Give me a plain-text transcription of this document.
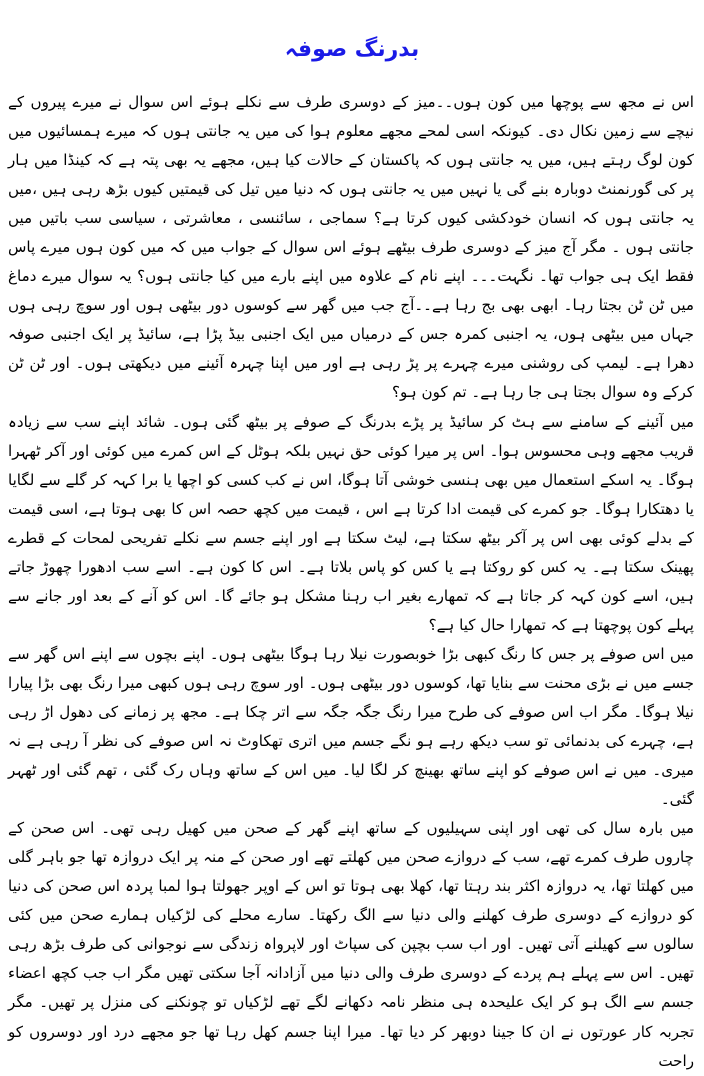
بدرنگ صوفہ

اس نے مجھ سے پوچھا میں کون ہوں۔۔میز کے دوسری طرف سے نکلے ہوئے اس سوال نے میرے پیروں کے نیچے سے زمین نکال دی۔ کیونکہ اسی لمحے مجھے معلوم ہوا کی میں یہ جانتی ہوں کہ میرے ہمسائیوں میں کون لوگ رہتے ہیں، میں یہ جانتی ہوں کہ پاکستان کے حالات کیا ہیں، مجھے یہ بھی پتہ ہے کہ کینڈا میں ہار پر کی گورنمنٹ دوبارہ بنے گی یا نہیں میں یہ جانتی ہوں کہ دنیا میں تیل کی قیمتیں کیوں بڑھ رہی ہیں ،میں یہ جانتی ہوں کہ انسان خودکشی کیوں کرتا ہے؟ سماجی ، سائنسی ، معاشرتی ، سیاسی سب باتیں میں جانتی ہوں ۔ مگر آج میز کے دوسری طرف بیٹھے ہوئے اس سوال کے جواب میں کہ میں کون ہوں میرے پاس فقط ایک ہی جواب تھا۔ نگہت۔۔۔ اپنے نام کے علاوہ میں اپنے بارے میں کیا جانتی ہوں؟ یہ سوال میرے دماغ میں ٹن ٹن بجتا رہا۔ ابھی بھی بج رہا ہے۔۔آج جب میں گھر سے کوسوں دور بیٹھی ہوں اور سوچ رہی ہوں جہاں میں بیٹھی ہوں، یہ اجنبی کمرہ جس کے درمیاں میں ایک اجنبی بیڈ پڑا ہے، سائیڈ پر ایک اجنبی صوفہ دھرا ہے۔ لیمپ کی روشنی میرے چہرے پر پڑ رہی ہے اور میں اپنا چہرہ آئینے میں دیکھتی ہوں۔ اور ٹن ٹن کرکے وہ سوال بجتا ہی جا رہا ہے۔ تم کون ہو؟

میں آئینے کے سامنے سے ہٹ کر سائیڈ پر پڑے بدرنگ کے صوفے پر بیٹھ گئی ہوں۔ شائد اپنے سب سے زیادہ قریب مجھے وہی محسوس ہوا۔ اس پر میرا کوئی حق نہیں بلکہ ہوٹل کے اس کمرے میں کوئی اور آکر ٹھہرا ہوگا۔ یہ اسکے استعمال میں بھی ہنسی خوشی آتا ہوگا، اس نے کب کسی کو اچھا یا برا کہہ کر گلے سے لگایا یا دھتکارا ہوگا۔ جو کمرے کی قیمت ادا کرتا ہے اس ، قیمت میں کچھ حصہ اس کا بھی ہوتا ہے، اسی قیمت کے بدلے کوئی بھی اس پر آکر بیٹھ سکتا ہے، لیٹ سکتا ہے اور اپنے جسم سے نکلے تفریحی لمحات کے قطرے پھینک سکتا ہے۔ یہ کس کو روکتا ہے یا کس کو پاس بلاتا ہے۔ اس کا کون ہے۔ اسے سب ادھورا چھوڑ جاتے ہیں، اسے کون کہہ کر جاتا ہے کہ تمھارے بغیر اب رہنا مشکل ہو جائے گا۔ اس کو آنے کے بعد اور جانے سے پہلے کون پوچھتا ہے کہ تمھارا حال کیا ہے؟

میں اس صوفے پر جس کا رنگ کبھی بڑا خوبصورت نیلا رہا ہوگا بیٹھی ہوں۔ اپنے بچوں سے اپنے اس گھر سے جسے میں نے بڑی محنت سے بنایا تھا، کوسوں دور بیٹھی ہوں۔ اور سوچ رہی ہوں کبھی میرا رنگ بھی بڑا پیارا نیلا ہوگا۔ مگر اب اس صوفے کی طرح میرا رنگ جگہ جگہ سے اتر چکا ہے۔ مجھ پر زمانے کی دھول اڑ رہی ہے، چہرے کی بدنمائی تو سب دیکھ رہے ہو نگے جسم میں اتری تھکاوٹ نہ اس صوفے کی نظر آ رہی ہے نہ میری۔ میں نے اس صوفے کو اپنے ساتھ بھینچ کر لگا لیا۔ میں اس کے ساتھ وہاں رک گئی ، تھم گئی اور ٹھہر گئی۔

میں بارہ سال کی تھی اور اپنی سہیلیوں کے ساتھ اپنے گھر کے صحن میں کھیل رہی تھی۔ اس صحن کے چاروں طرف کمرے تھے، سب کے دروازے صحن میں کھلتے تھے اور صحن کے منہ پر ایک دروازہ تھا جو باہر گلی میں کھلتا تھا، یہ دروازہ اکثر بند رہتا تھا، کھلا بھی ہوتا تو اس کے اوپر جھولتا ہوا لمبا پردہ اس صحن کی دنیا کو دروازے کے دوسری طرف کھلنے والی دنیا سے الگ رکھتا۔ سارے محلے کی لڑکیاں ہمارے صحن میں کئی سالوں سے کھیلنے آتی تھیں۔ اور اب سب بچپن کی سپاٹ اور لاپرواہ زندگی سے نوجوانی کی طرف بڑھ رہی تھیں۔ اس سے پہلے ہم پردے کے دوسری طرف والی دنیا میں آزادانہ آجا سکتی تھیں مگر اب جب کچھ اعضاء جسم سے الگ ہو کر ایک علیحدہ ہی منظر نامہ دکھانے لگے تھے لڑکیاں تو چونکنے کی منزل پر تھیں۔ مگر تجربہ کار عورتوں نے ان کا جینا دوبھر کر دیا تھا۔ میرا اپنا جسم کھل رہا تھا جو مجھے درد اور دوسروں کو راحت
